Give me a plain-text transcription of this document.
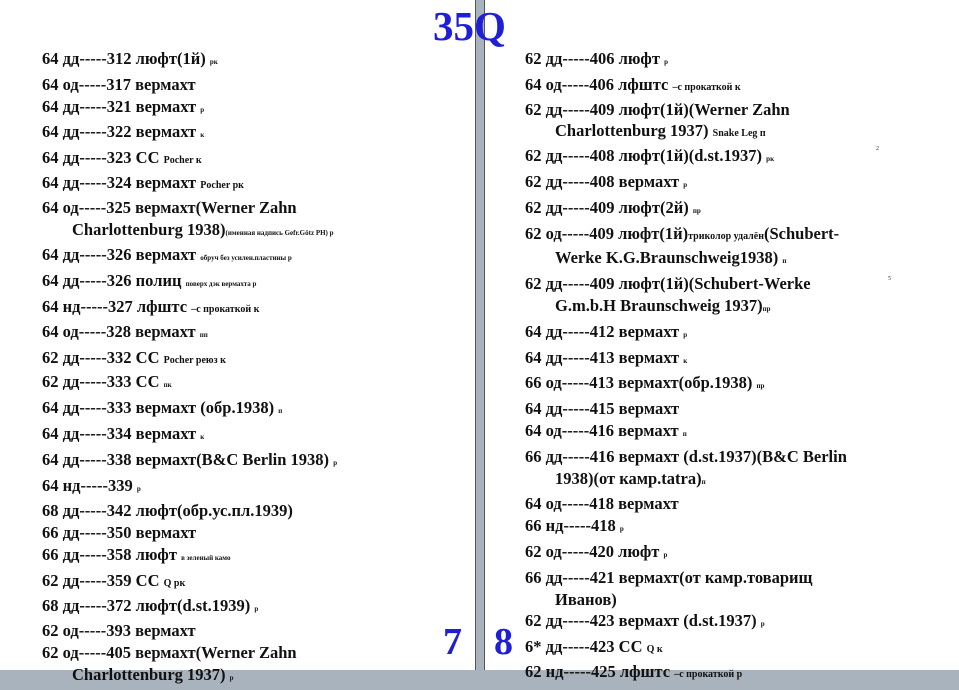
64 дд-----312 люфт(1й) рк
64 од-----317 вермахт
64 дд-----321 вермахт р
64 дд-----322 вермахт к
64 дд-----323 СС Pocher к
64 дд-----324 вермахт Pocher рк
64 од-----325 вермахт(Werner Zahn
Charlottenburg 1938)(именная надпись Gefr.Götz PH) р
64 дд-----326 вермахт обруч без усилен.пластины р
64 дд-----326 полиц поверх дэк вермахта р
64 нд-----327 лфштс –с прокаткой к
64 од-----328 вермахт пп
62 дд-----332 СС Pocher реюз к
62 дд-----333 СС пк
64 дд-----333 вермахт (обр.1938) п
64 дд-----334 вермахт к
64 дд-----338 вермахт(B&C Berlin 1938) р
64 нд-----339 р
68 дд-----342 люфт(обр.ус.пл.1939)
66 дд-----350 вермахт
66 дд-----358 люфт в зеленый камо
62 дд-----359 СС Q рк
68 дд-----372 люфт(d.st.1939) р
62 од-----393 вермахт
62 од-----405 вермахт(Werner Zahn
Charlottenburg 1937) р
62 дд-----406 люфт р
64 од-----406 лфштс –с прокаткой к
62 дд-----409 люфт(1й)(Werner Zahn
Charlottenburg 1937) Snake Leg п
62 дд-----408 люфт(1й)(d.st.1937) рк
62 дд-----408 вермахт р
62 дд-----409 люфт(2й) пр
62 од-----409 люфт(1й)триколор удалён(Schubert-
Werke K.G.Braunschweig1938) п
62 дд-----409 люфт(1й)(Schubert-Werke
G.m.b.H Braunschweig 1937)пр
64 дд-----412 вермахт р
64 дд-----413 вермахт к
66 од-----413 вермахт(обр.1938) пр
64 дд-----415 вермахт
64 од-----416 вермахт п
66 дд-----416 вермахт (d.st.1937)(B&C Berlin
1938)(от камр.tatra)п
64 од-----418 вермахт
66 нд-----418 р
62 од-----420 люфт р
66 дд-----421 вермахт(от камр.товарищ
Иванов)
62 дд-----423 вермахт (d.st.1937) р
6* дд-----423 СС Q к
62 нд-----425 лфштс –с прокаткой р
2
5
35Q
7 8
